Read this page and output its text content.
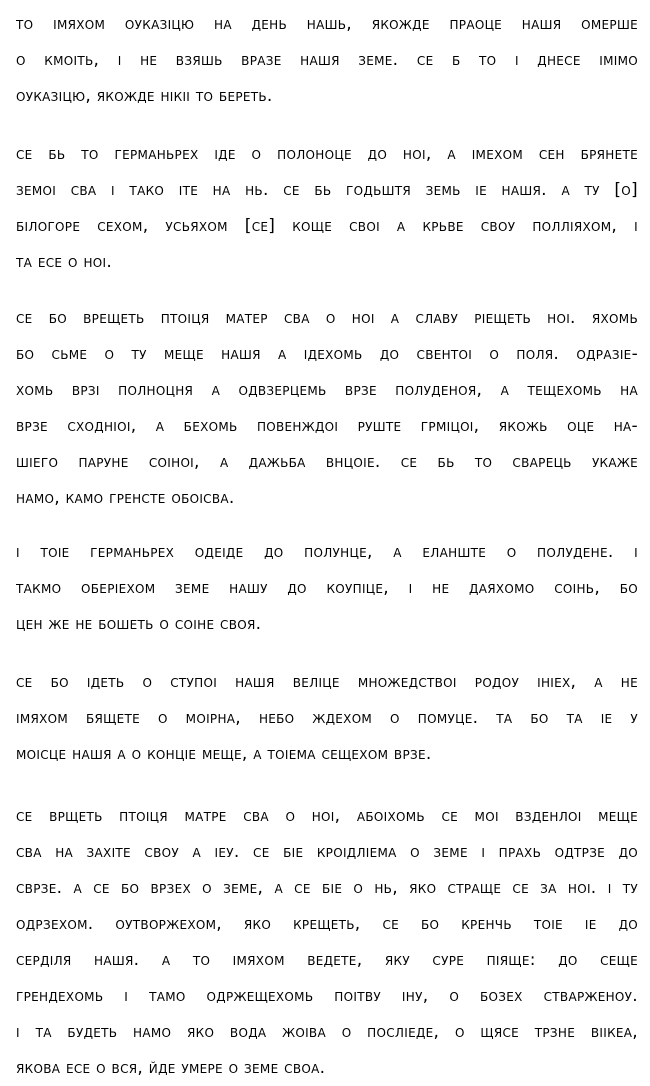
то імяхом оуказіцю на день нашь, якожде праоце нашя омерше
о кмоіть, і не взяшь вразе нашя земе. се б то і днесе імімо
оуказіцю, якожде нікіі то береть.
се бь то германьрех іде о полоноце до ноі, а імехом сен брянете
земоі сва і тако іте на нь. се бь годьштя земь іе нашя. а ту [о]
білогоре сехом, усьяхом [се] коще своі а крьве своу полліяхом, і
та есе о ноі.
се бо врещеть птоіця матер сва о ноі а славу ріещеть ноі. яхомь
бо сьме о ту меще нашя а ідехомь до свентоі о поля. одразіе-
хомь врзі полноцня а одвзерцемь врзе полуденоя, а тещехомь на
врзе сходніоі, а бехомь повенждоі руште грміцоі, якожь оце на-
шіего паруне соіноі, а дажьба внцоіе. се бь то сварець укаже
намо, камо гренсте обоісва.
і тоіе германьрех одеіде до полунце, а еланште о полудене. і
такмо оберіехом земе нашу до коупіце, і не даяхомо соінь, бо
цен же не бошеть о соіне своя.
се бо ідеть о ступоі нашя веліце множедствоі родоу ініех, а не
імяхом бящете о моірна, небо ждехом о помуце. та бо та іе у
моісце нашя а о конціе меще, а тоіема сещехом врзе.
се врщеть птоіця матре сва о ноі, абоіхомь се моі взденлоі меще
сва на захіте своу а іеу. се біе кроідліема о земе і прахь одтрзе до
сврзе. а се бо врзех о земе, а се біе о нь, яко страще се за ноі. і ту
одрзехом. оутворжехом, яко крещеть, се бо кренчь тоіе іе до
серділя нашя. а то імяхом ведете, яку суре піяще: до сеще
грендехомь і тамо одржещехомь поітву іну, о бозех стварженоу.
і та будеть намо яко вода жоіва о посліеде, о щясе трзне віікеа,
якова есе о вся, йде умере о земе своа.
